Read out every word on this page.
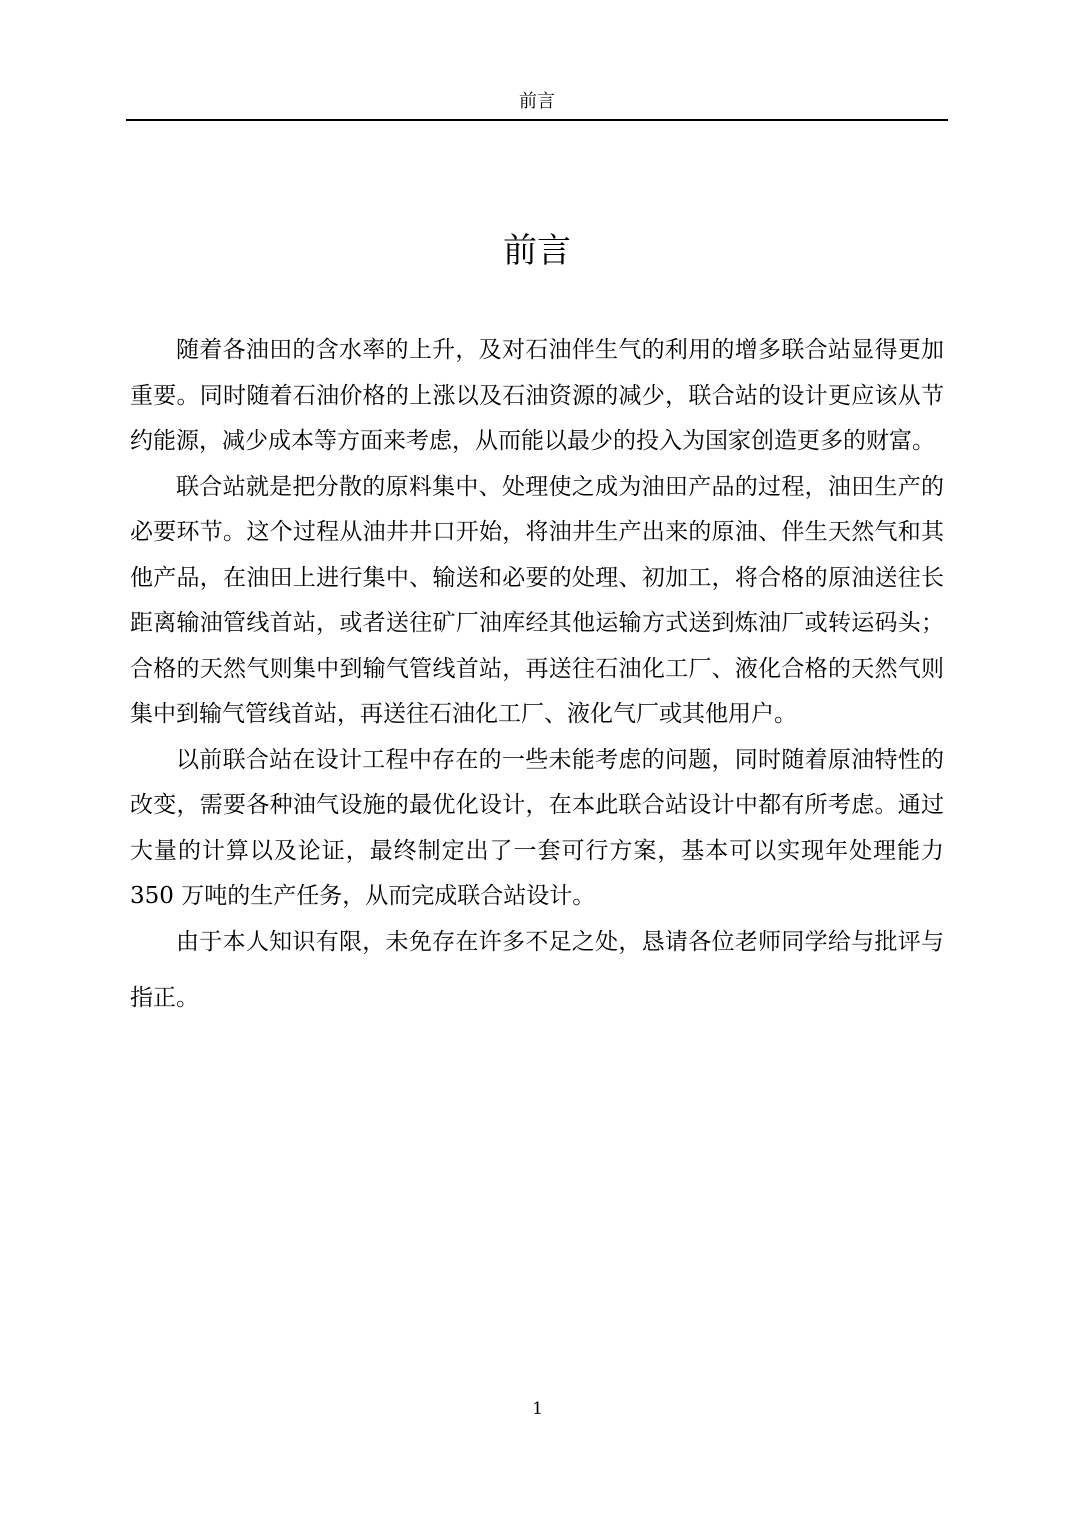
前言
前言

随着各油田的含水率的上升，及对石油伴生气的利用的增多联合站显得更加重要。同时随着石油价格的上涨以及石油资源的减少，联合站的设计更应该从节约能源，减少成本等方面来考虑，从而能以最少的投入为国家创造更多的财富。

联合站就是把分散的原料集中、处理使之成为油田产品的过程，油田生产的必要环节。这个过程从油井井口开始，将油井生产出来的原油、伴生天然气和其他产品，在油田上进行集中、输送和必要的处理、初加工，将合格的原油送往长距离输油管线首站，或者送往矿厂油库经其他运输方式送到炼油厂或转运码头；合格的天然气则集中到输气管线首站，再送往石油化工厂、液化合格的天然气则集中到输气管线首站，再送往石油化工厂、液化气厂或其他用户。

以前联合站在设计工程中存在的一些未能考虑的问题，同时随着原油特性的改变，需要各种油气设施的最优化设计，在本此联合站设计中都有所考虑。通过大量的计算以及论证，最终制定出了一套可行方案，基本可以实现年处理能力 350 万吨的生产任务，从而完成联合站设计。

由于本人知识有限，未免存在许多不足之处，恳请各位老师同学给与批评与指正。

1
